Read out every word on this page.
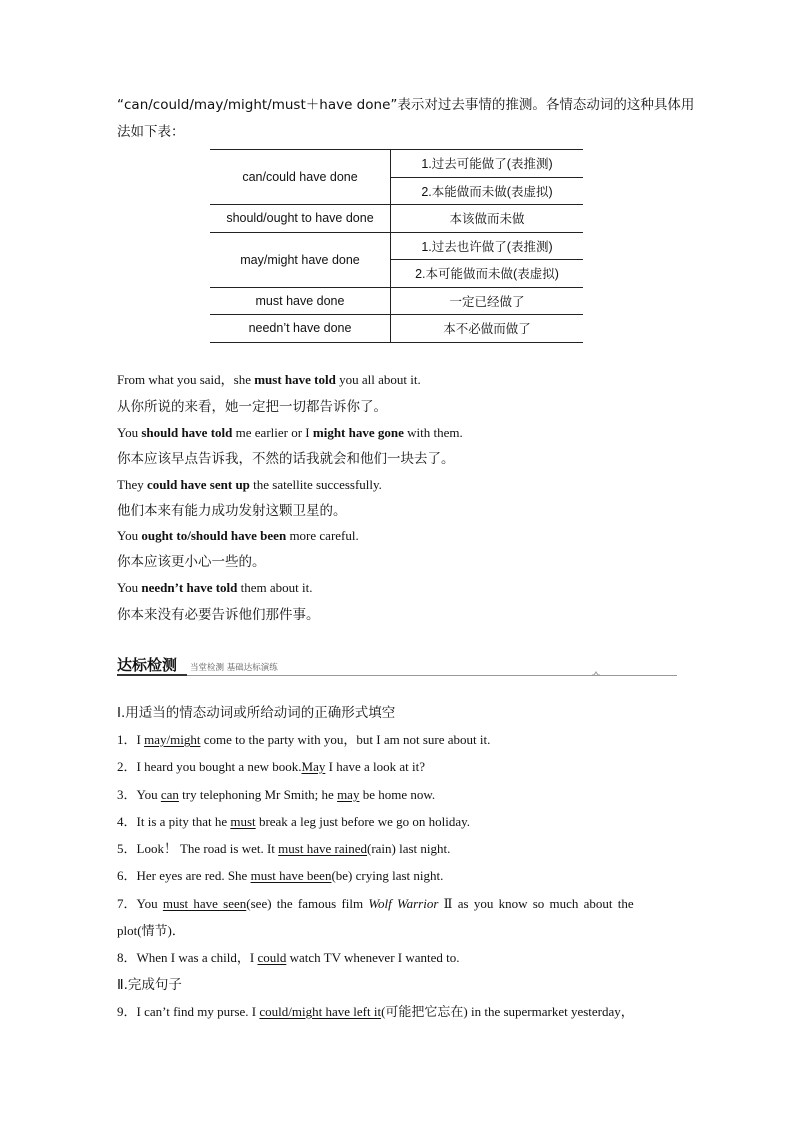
“can/could/may/might/must＋have done”表示对过去事情的推测。各情态动词的这种具体用
法如下表：
can/could have done	1.过去可能做了(表推测)
	2.本能做而未做(表虚拟)
should/ought to have done	本该做而未做
may/might have done	1.过去也许做了(表推测)
	2.本可能做而未做(表虚拟)
must have done	一定已经做了
needn’t have done	本不必做而做了
From what you said，she must have told you all about it.
从你所说的来看，她一定把一切都告诉你了。
You should have told me earlier or I might have gone with them.
你本应该早点告诉我，不然的话我就会和他们一块去了。
They could have sent up the satellite successfully.
他们本来有能力成功发射这颗卫星的。
You ought to/should have been more careful.
你本应该更小心一些的。
You needn’t have told them about it.
你本来没有必要告诉他们那件事。
达标检测 当堂检测 基础达标演练
Ⅰ.用适当的情态动词或所给动词的正确形式填空
1．I may/might come to the party with you，but I am not sure about it.
2．I heard you bought a new book.May I have a look at it?
3．You can try telephoning Mr Smith; he may be home now.
4．It is a pity that he must break a leg just before we go on holiday.
5．Look！ The road is wet. It must have rained(rain) last night.
6．Her eyes are red. She must have been(be) crying last night.
7．You must have seen(see) the famous film Wolf Warrior Ⅱ as you know so much about the
plot(情节)．
8．When I was a child，I could watch TV whenever I wanted to.
Ⅱ.完成句子
9．I can’t find my purse. I could/might have left it(可能把它忘在) in the supermarket yesterday，
